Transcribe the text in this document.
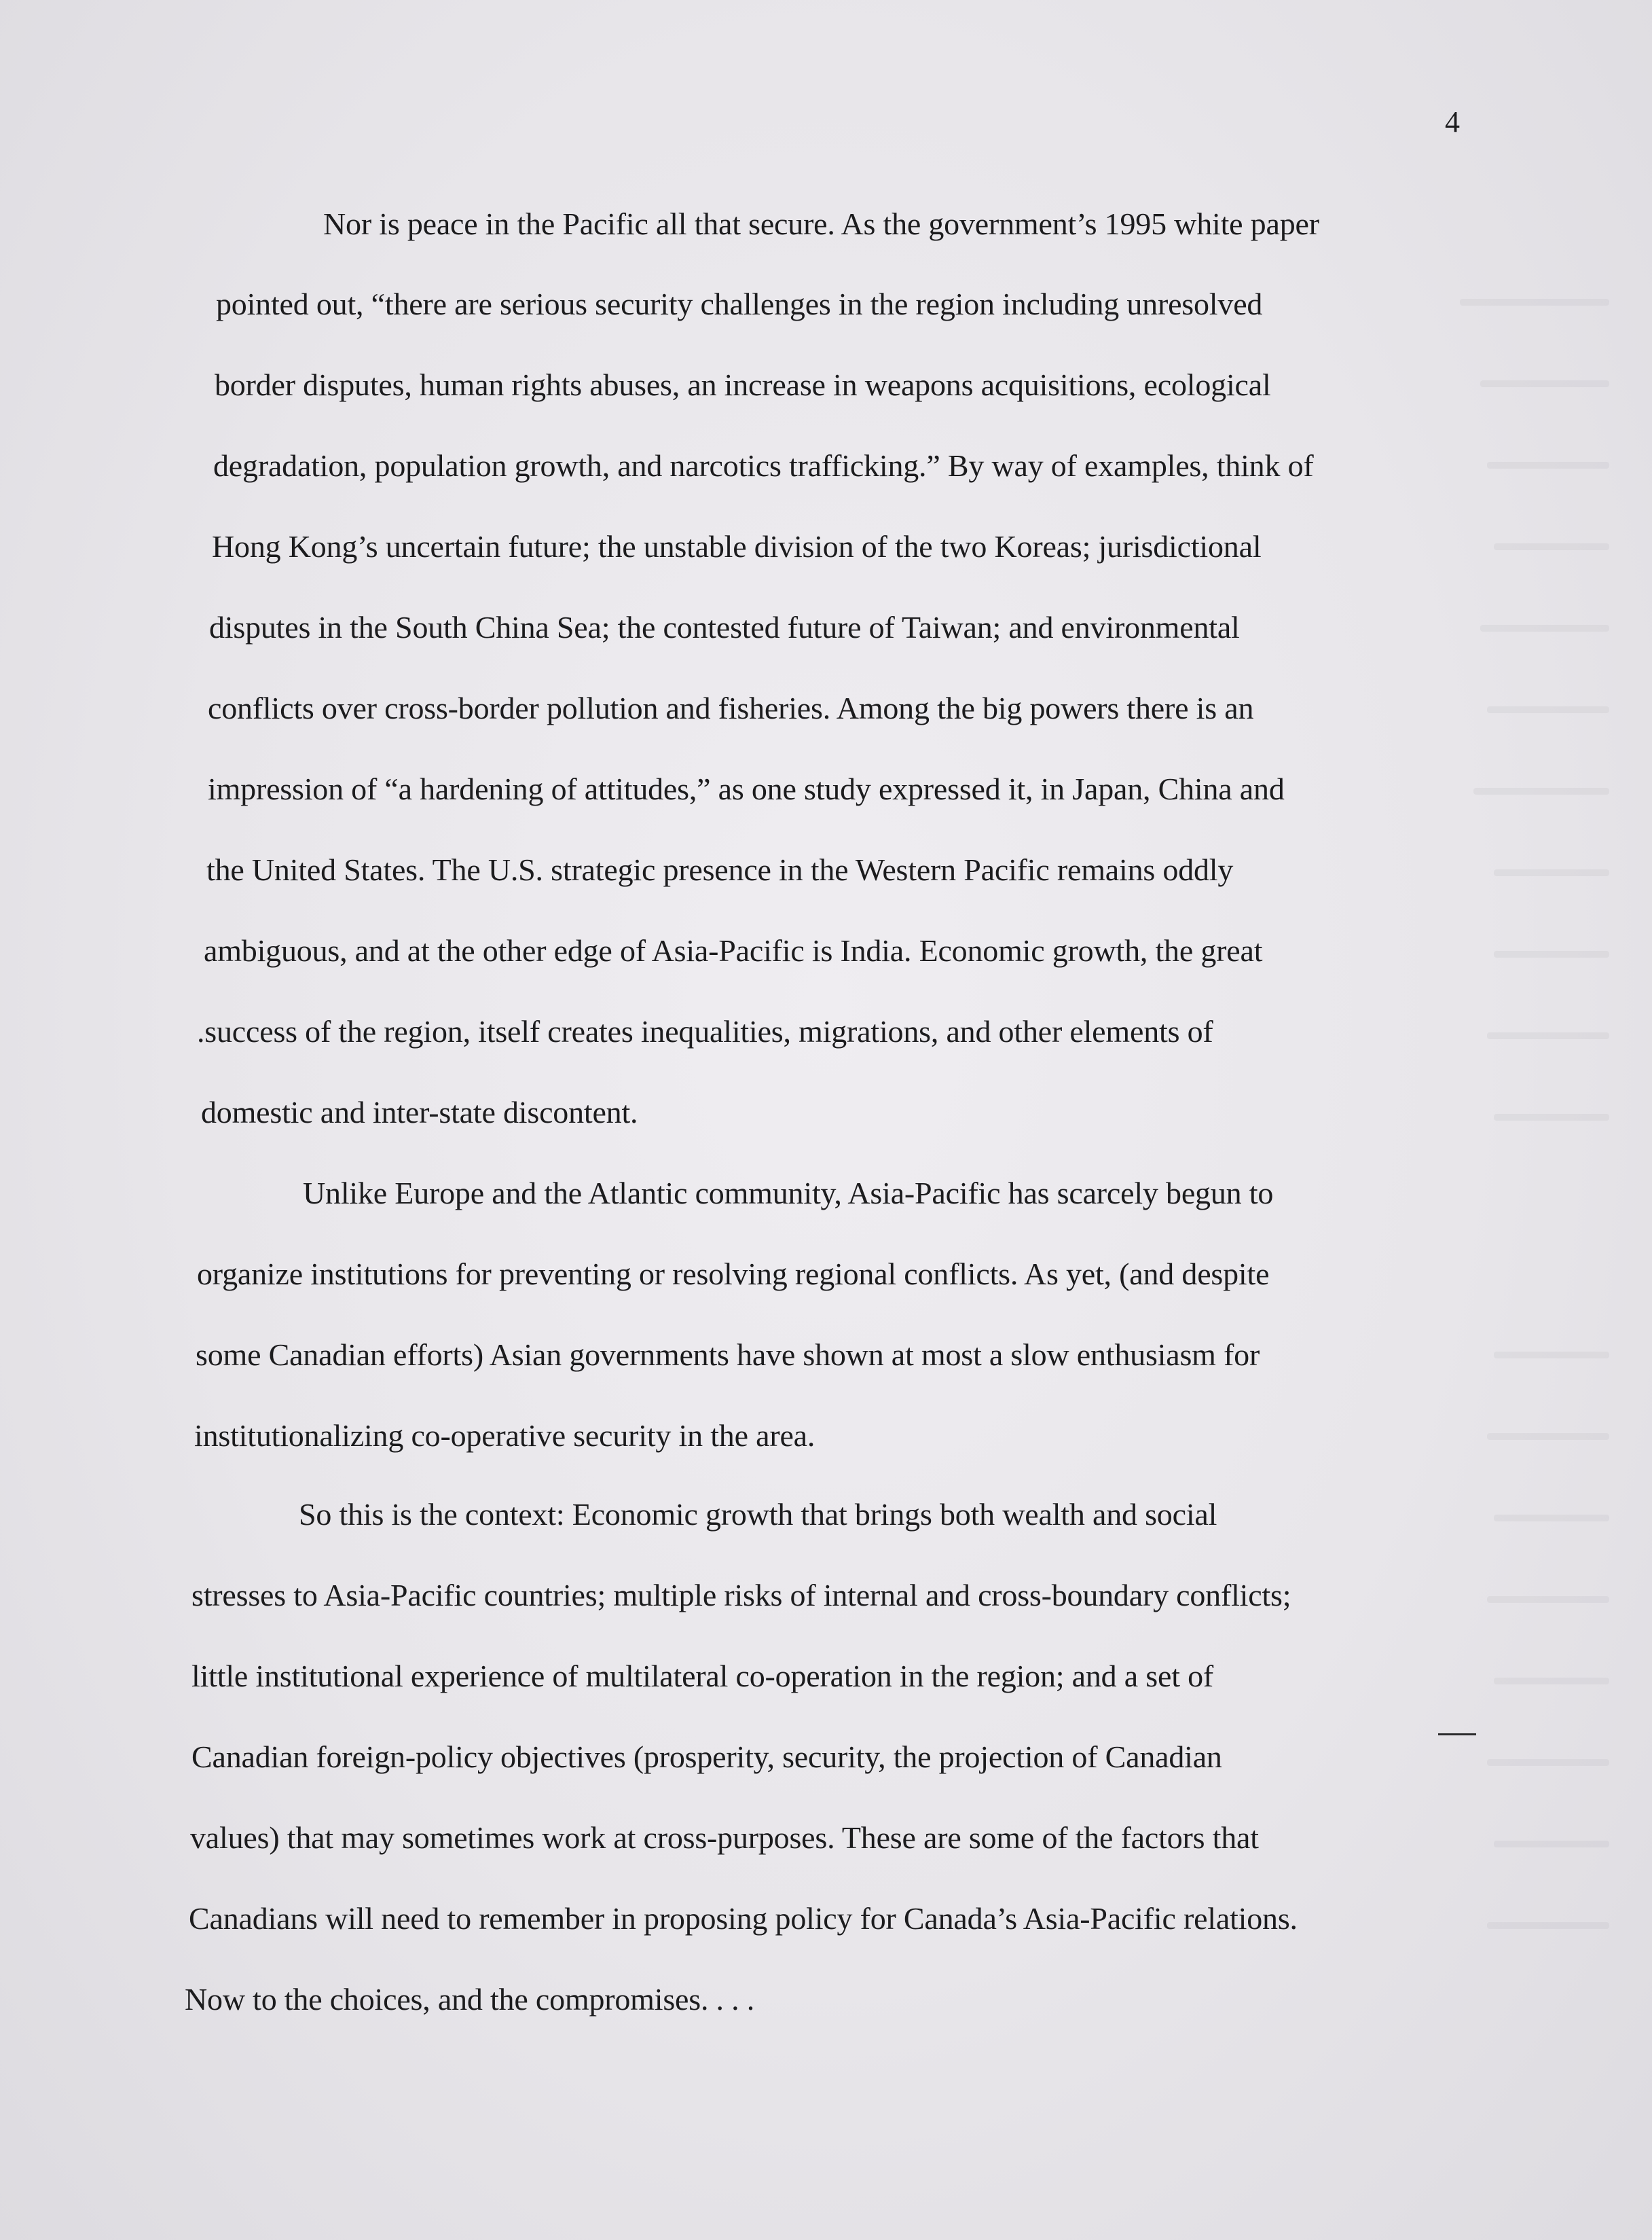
4
Nor is peace in the Pacific all that secure. As the government’s 1995 white paper
pointed out, “there are serious security challenges in the region including unresolved
border disputes, human rights abuses, an increase in weapons acquisitions, ecological
degradation, population growth, and narcotics trafficking.” By way of examples, think of
Hong Kong’s uncertain future; the unstable division of the two Koreas; jurisdictional
disputes in the South China Sea; the contested future of Taiwan; and environmental
conflicts over cross-border pollution and fisheries. Among the big powers there is an
impression of “a hardening of attitudes,” as one study expressed it, in Japan, China and
the United States. The U.S. strategic presence in the Western Pacific remains oddly
ambiguous, and at the other edge of Asia-Pacific is India. Economic growth, the great
.success of the region, itself creates inequalities, migrations, and other elements of
domestic and inter-state discontent.
Unlike Europe and the Atlantic community, Asia-Pacific has scarcely begun to
organize institutions for preventing or resolving regional conflicts. As yet, (and despite
some Canadian efforts) Asian governments have shown at most a slow enthusiasm for
institutionalizing co-operative security in the area.
So this is the context: Economic growth that brings both wealth and social
stresses to Asia-Pacific countries; multiple risks of internal and cross-boundary conflicts;
little institutional experience of multilateral co-operation in the region; and a set of
Canadian foreign-policy objectives (prosperity, security, the projection of Canadian
values) that may sometimes work at cross-purposes. These are some of the factors that
Canadians will need to remember in proposing policy for Canada’s Asia-Pacific relations.
Now to the choices, and the compromises. . . .
